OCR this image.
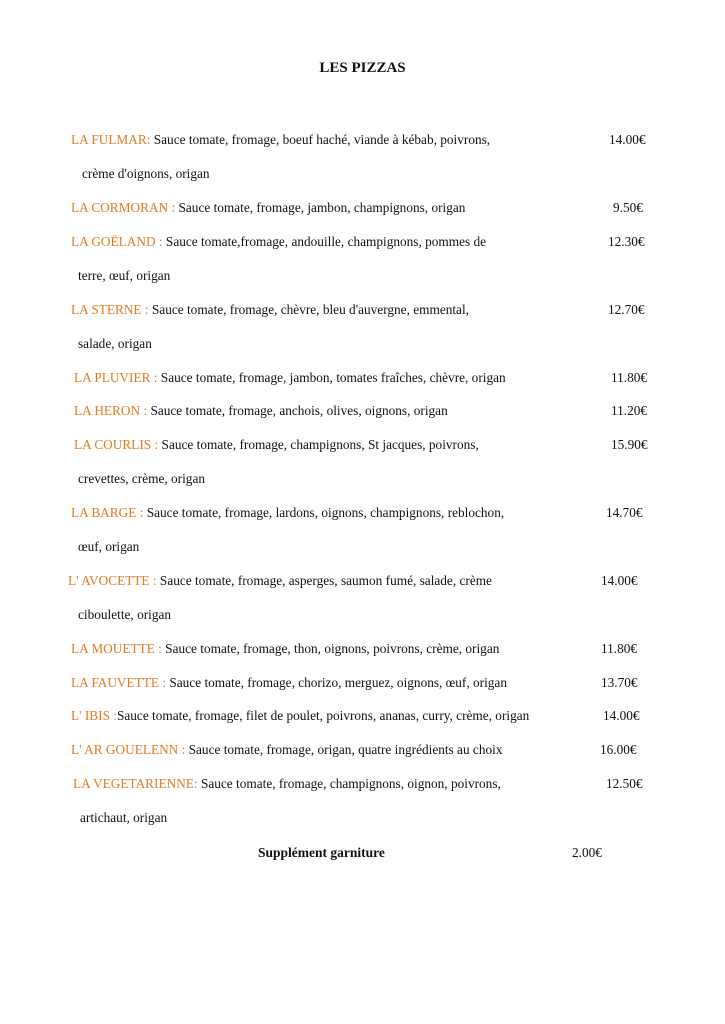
LES PIZZAS
LA FULMAR: Sauce tomate, fromage, boeuf haché, viande à kébab, poivrons,	14.00€
crème d'oignons, origan
LA CORMORAN : Sauce tomate, fromage, jambon, champignons, origan	9.50€
LA GOËLAND : Sauce tomate,fromage, andouille, champignons, pommes de	12.30€
terre, œuf, origan
LA STERNE : Sauce tomate, fromage, chèvre, bleu d'auvergne, emmental,	12.70€
salade, origan
LA PLUVIER : Sauce tomate, fromage, jambon, tomates fraîches, chèvre, origan	11.80€
LA HERON : Sauce tomate, fromage, anchois, olives, oignons, origan	11.20€
LA COURLIS : Sauce tomate, fromage, champignons, St jacques, poivrons,	15.90€
crevettes, crème, origan
LA BARGE : Sauce tomate, fromage, lardons, oignons, champignons, reblochon,	14.70€
œuf, origan
L' AVOCETTE : Sauce tomate, fromage, asperges, saumon fumé, salade, crème	14.00€
ciboulette, origan
LA MOUETTE : Sauce tomate, fromage, thon, oignons, poivrons, crème, origan	11.80€
LA FAUVETTE : Sauce tomate, fromage, chorizo, merguez, oignons, œuf, origan	13.70€
L' IBIS :Sauce tomate, fromage, filet de poulet, poivrons, ananas, curry, crème, origan	14.00€
L' AR GOUELENN : Sauce tomate, fromage, origan, quatre ingrédients au choix	16.00€
LA VEGETARIENNE: Sauce tomate, fromage, champignons, oignon, poivrons,	12.50€
artichaut, origan
Supplément garniture	2.00€
